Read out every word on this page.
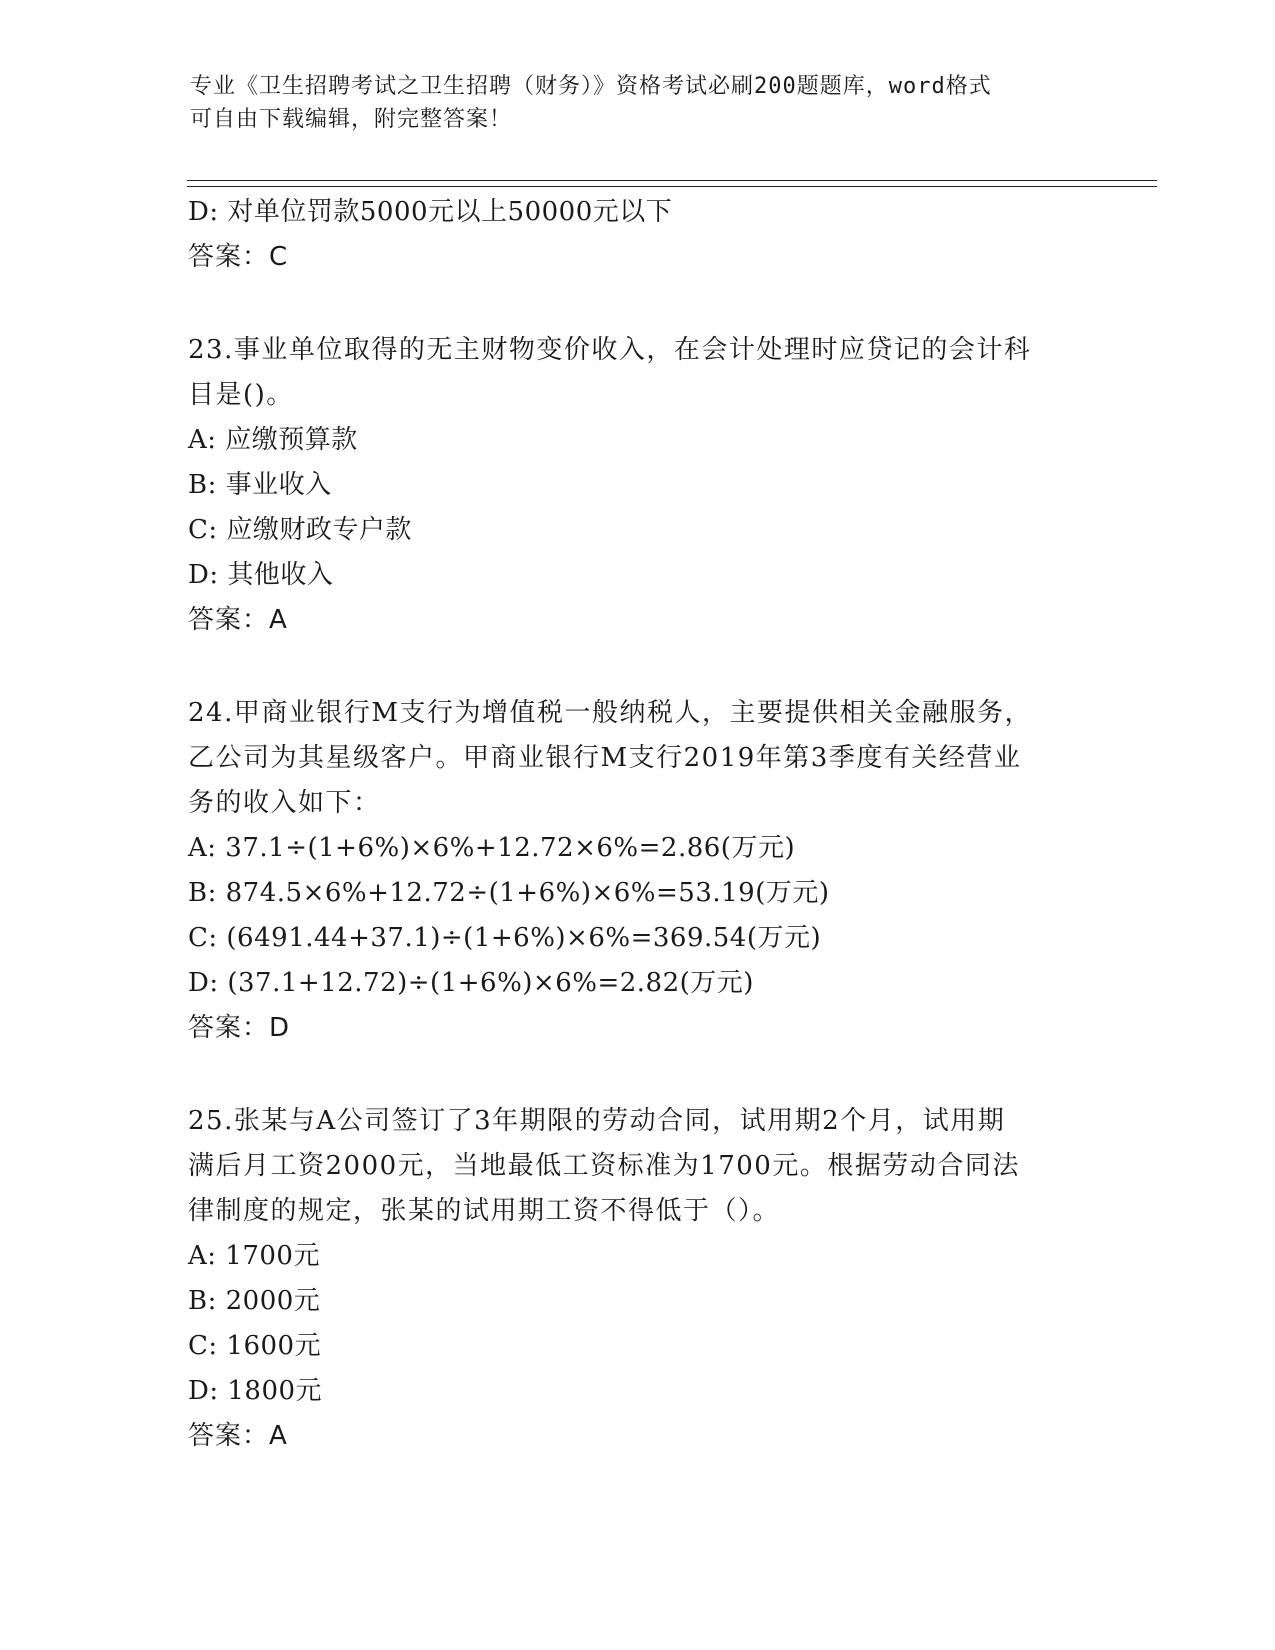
专业《卫生招聘考试之卫生招聘（财务）》资格考试必刷200题题库，word格式
可自由下载编辑，附完整答案！
D: 对单位罚款5000元以上50000元以下
答案：C
23.事业单位取得的无主财物变价收入，在会计处理时应贷记的会计科
目是()。
A: 应缴预算款
B: 事业收入
C: 应缴财政专户款
D: 其他收入
答案：A
24.甲商业银行M支行为增值税一般纳税人，主要提供相关金融服务，
乙公司为其星级客户。甲商业银行M支行2019年第3季度有关经营业
务的收入如下：
A: 37.1÷(1+6%)×6%+12.72×6%=2.86(万元)
B: 874.5×6%+12.72÷(1+6%)×6%=53.19(万元)
C: (6491.44+37.1)÷(1+6%)×6%=369.54(万元)
D: (37.1+12.72)÷(1+6%)×6%=2.82(万元)
答案：D
25.张某与A公司签订了3年期限的劳动合同，试用期2个月，试用期
满后月工资2000元，当地最低工资标准为1700元。根据劳动合同法
律制度的规定，张某的试用期工资不得低于（）。
A: 1700元
B: 2000元
C: 1600元
D: 1800元
答案：A
